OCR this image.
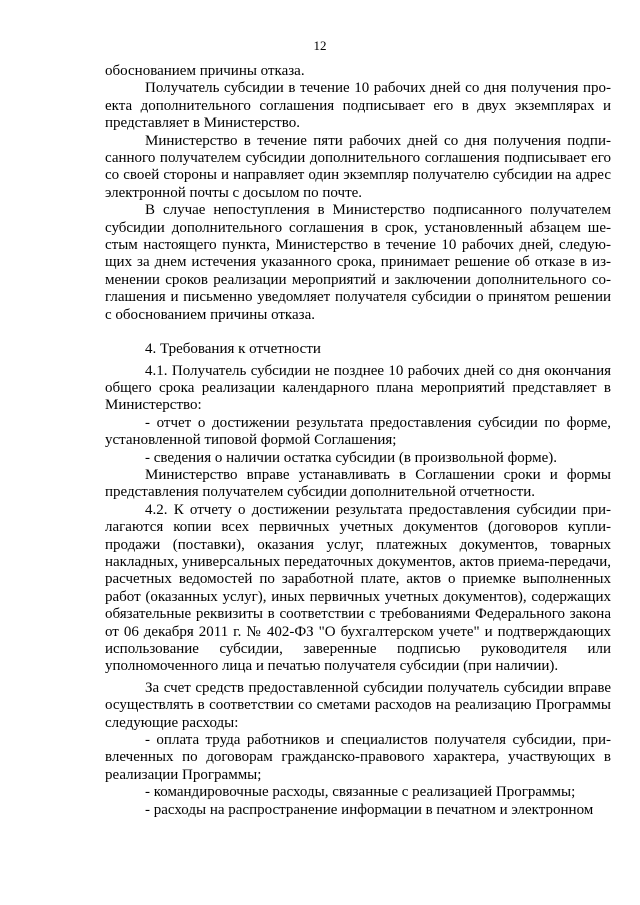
12

обоснованием причины отказа.

Получатель субсидии в течение 10 рабочих дней со дня получения проекта дополнительного соглашения подписывает его в двух экземплярах и представляет в Министерство.

Министерство в течение пяти рабочих дней со дня получения подписанного получателем субсидии дополнительного соглашения подписывает его со своей стороны и направляет один экземпляр получателю субсидии на адрес электронной почты с досылом по почте.

В случае непоступления в Министерство подписанного получателем субсидии дополнительного соглашения в срок, установленный абзацем шестым настоящего пункта, Министерство в течение 10 рабочих дней, следующих за днем истечения указанного срока, принимает решение об отказе в изменении сроков реализации мероприятий и заключении дополнительного соглашения и письменно уведомляет получателя субсидии о принятом решении с обоснованием причины отказа.

4. Требования к отчетности

4.1. Получатель субсидии не позднее 10 рабочих дней со дня окончания общего срока реализации календарного плана мероприятий представляет в Министерство:

- отчет о достижении результата предоставления субсидии по форме, установленной типовой формой Соглашения;

- сведения о наличии остатка субсидии (в произвольной форме).

Министерство вправе устанавливать в Соглашении сроки и формы представления получателем субсидии дополнительной отчетности.

4.2. К отчету о достижении результата предоставления субсидии прилагаются копии всех первичных учетных документов (договоров купли-продажи (поставки), оказания услуг, платежных документов, товарных накладных, универсальных передаточных документов, актов приема-передачи, расчетных ведомостей по заработной плате, актов о приемке выполненных работ (оказанных услуг), иных первичных учетных документов), содержащих обязательные реквизиты в соответствии с требованиями Федерального закона от 06 декабря 2011 г. № 402-ФЗ "О бухгалтерском учете" и подтверждающих использование субсидии, заверенные подписью руководителя или уполномоченного лица и печатью получателя субсидии (при наличии).

За счет средств предоставленной субсидии получатель субсидии вправе осуществлять в соответствии со сметами расходов на реализацию Программы следующие расходы:

- оплата труда работников и специалистов получателя субсидии, привлеченных по договорам гражданско-правового характера, участвующих в реализации Программы;

- командировочные расходы, связанные с реализацией Программы;

- расходы на распространение информации в печатном и электронном
